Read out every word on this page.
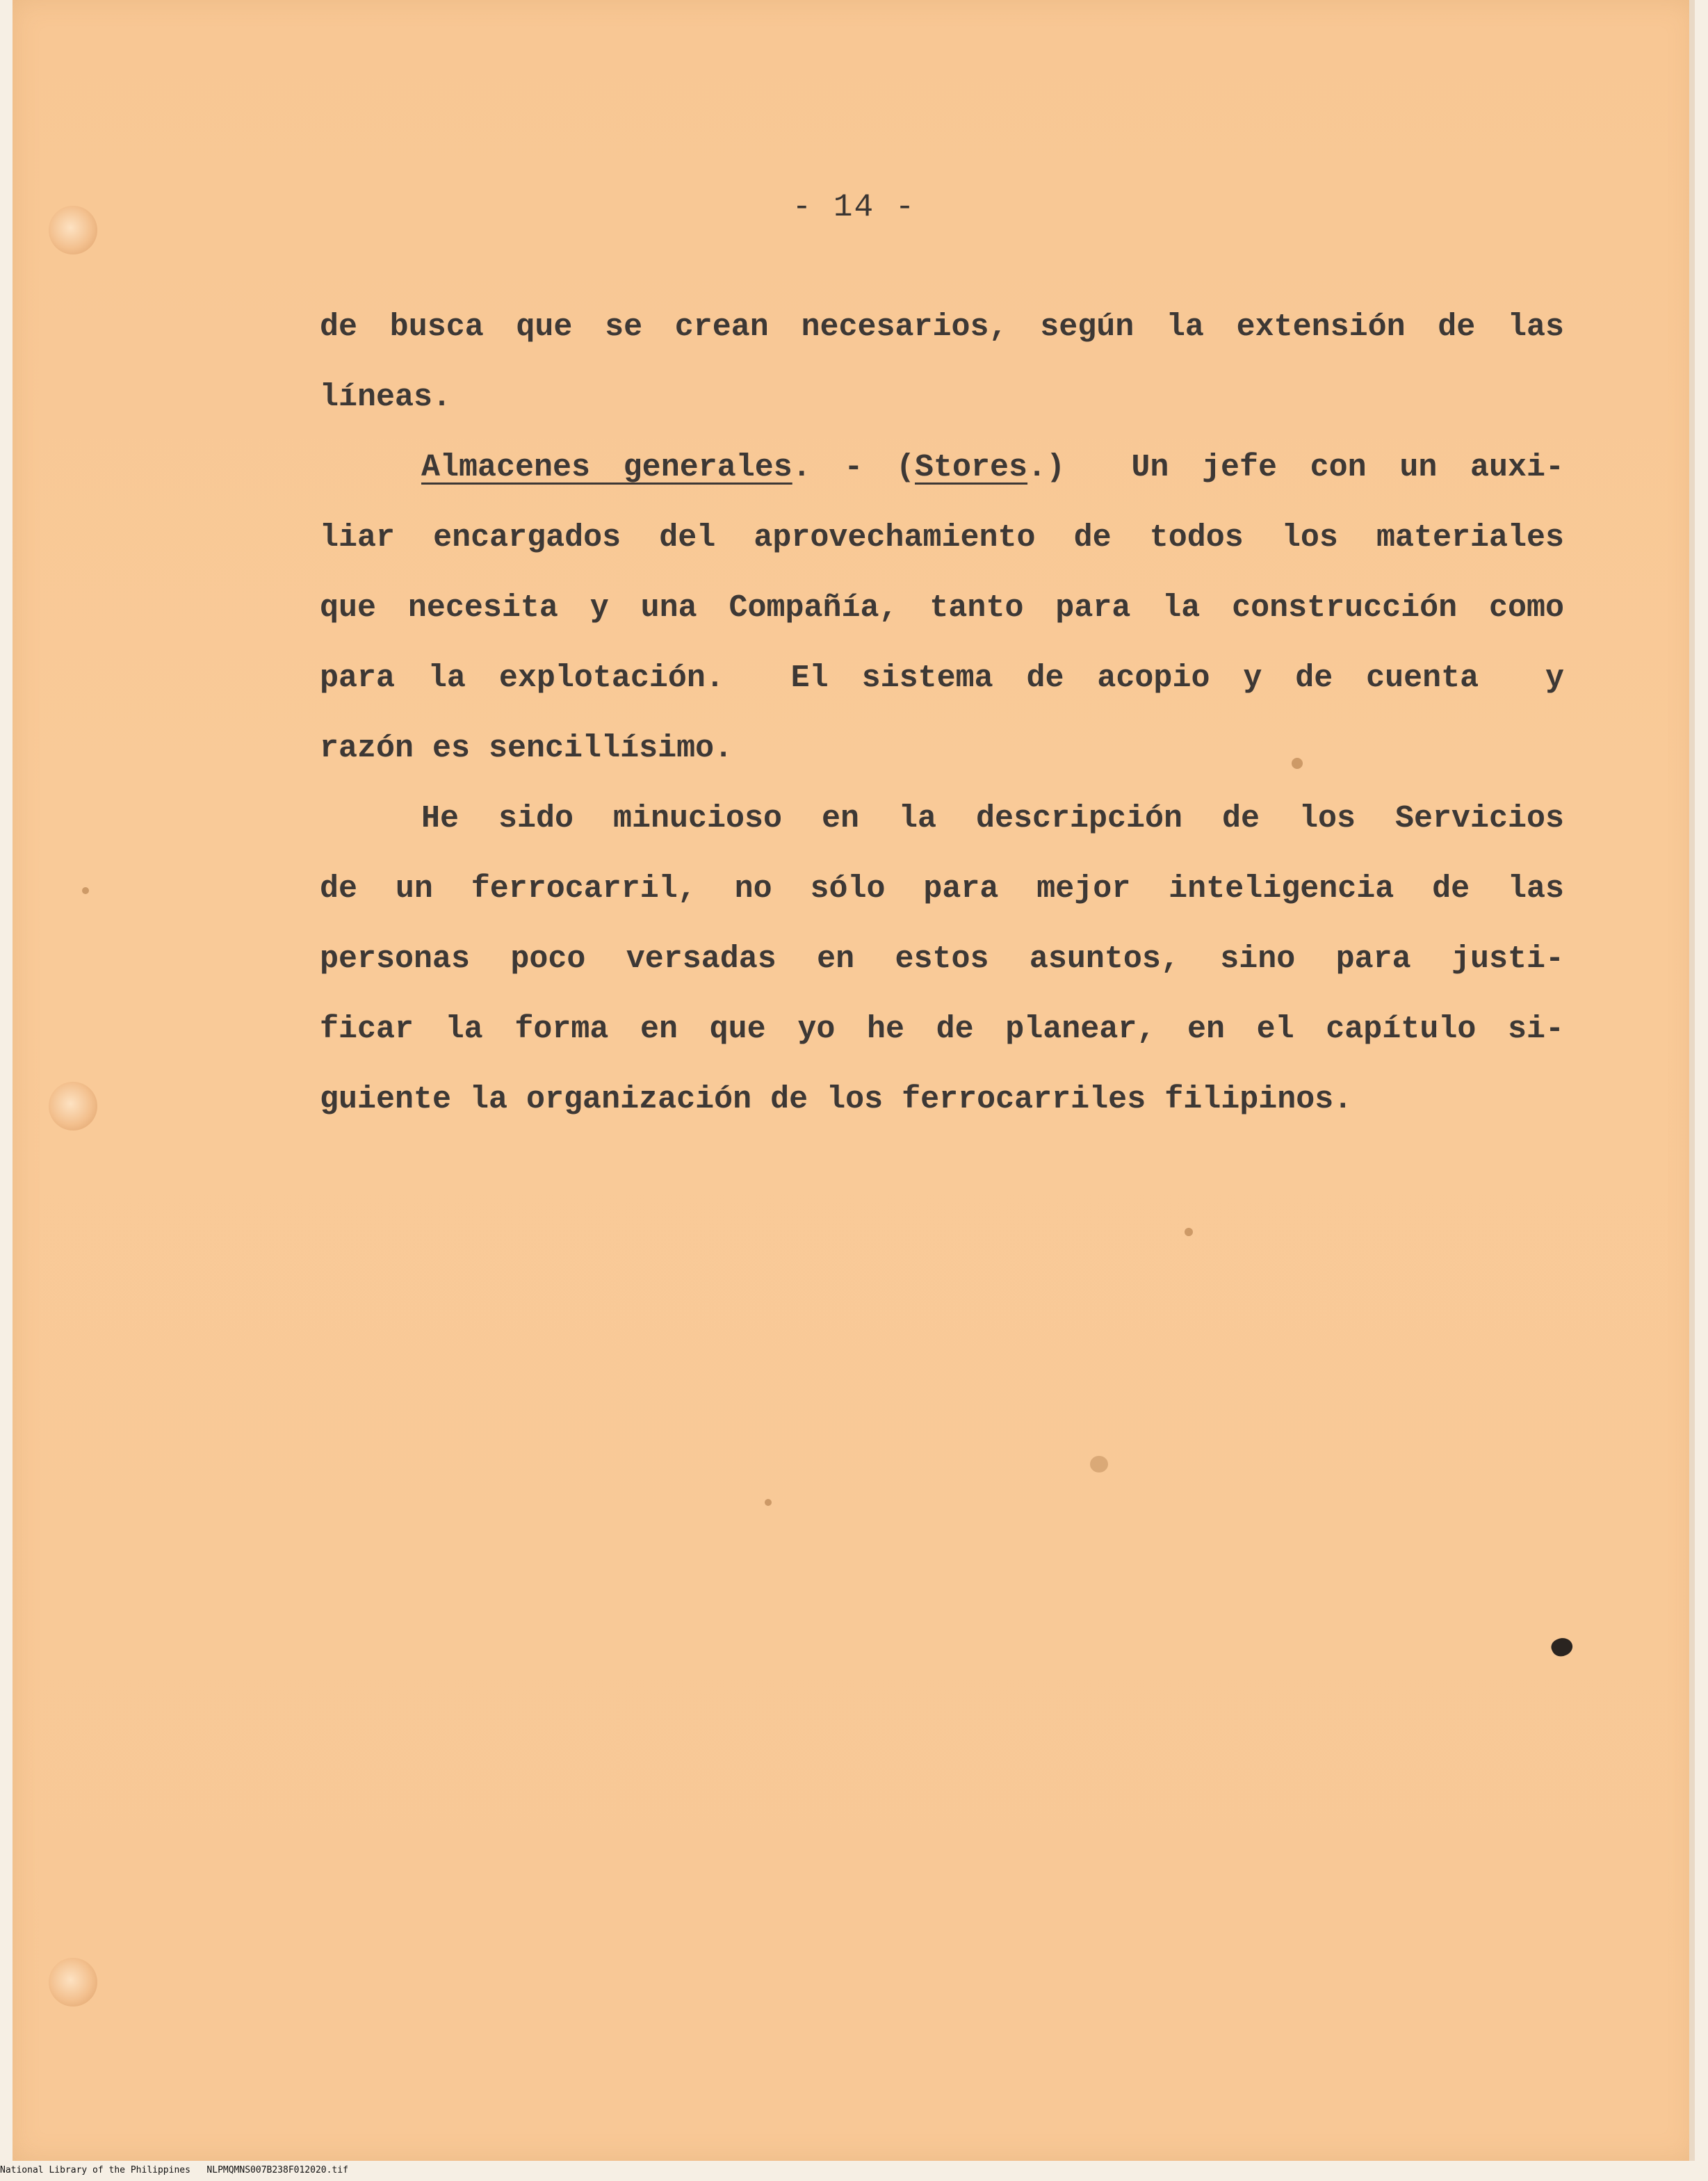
- 14 -
de busca que se crean necesarios, según la extensión de las
líneas.
Almacenes generales. - (Stores.)  Un jefe con un auxi-
liar encargados del aprovechamiento de todos los materiales
que necesita y una Compañía, tanto para la construcción como
para la explotación.  El sistema de acopio y de cuenta  y
razón es sencillísimo.
He sido minucioso en la descripción de los Servicios
de un ferrocarril, no sólo para mejor inteligencia de las
personas poco versadas en estos asuntos, sino para justi-
ficar la forma en que yo he de planear, en el capítulo si-
guiente la organización de los ferrocarriles filipinos.
National Library of the Philippines NLPMQMNS007B238F012020.tif
